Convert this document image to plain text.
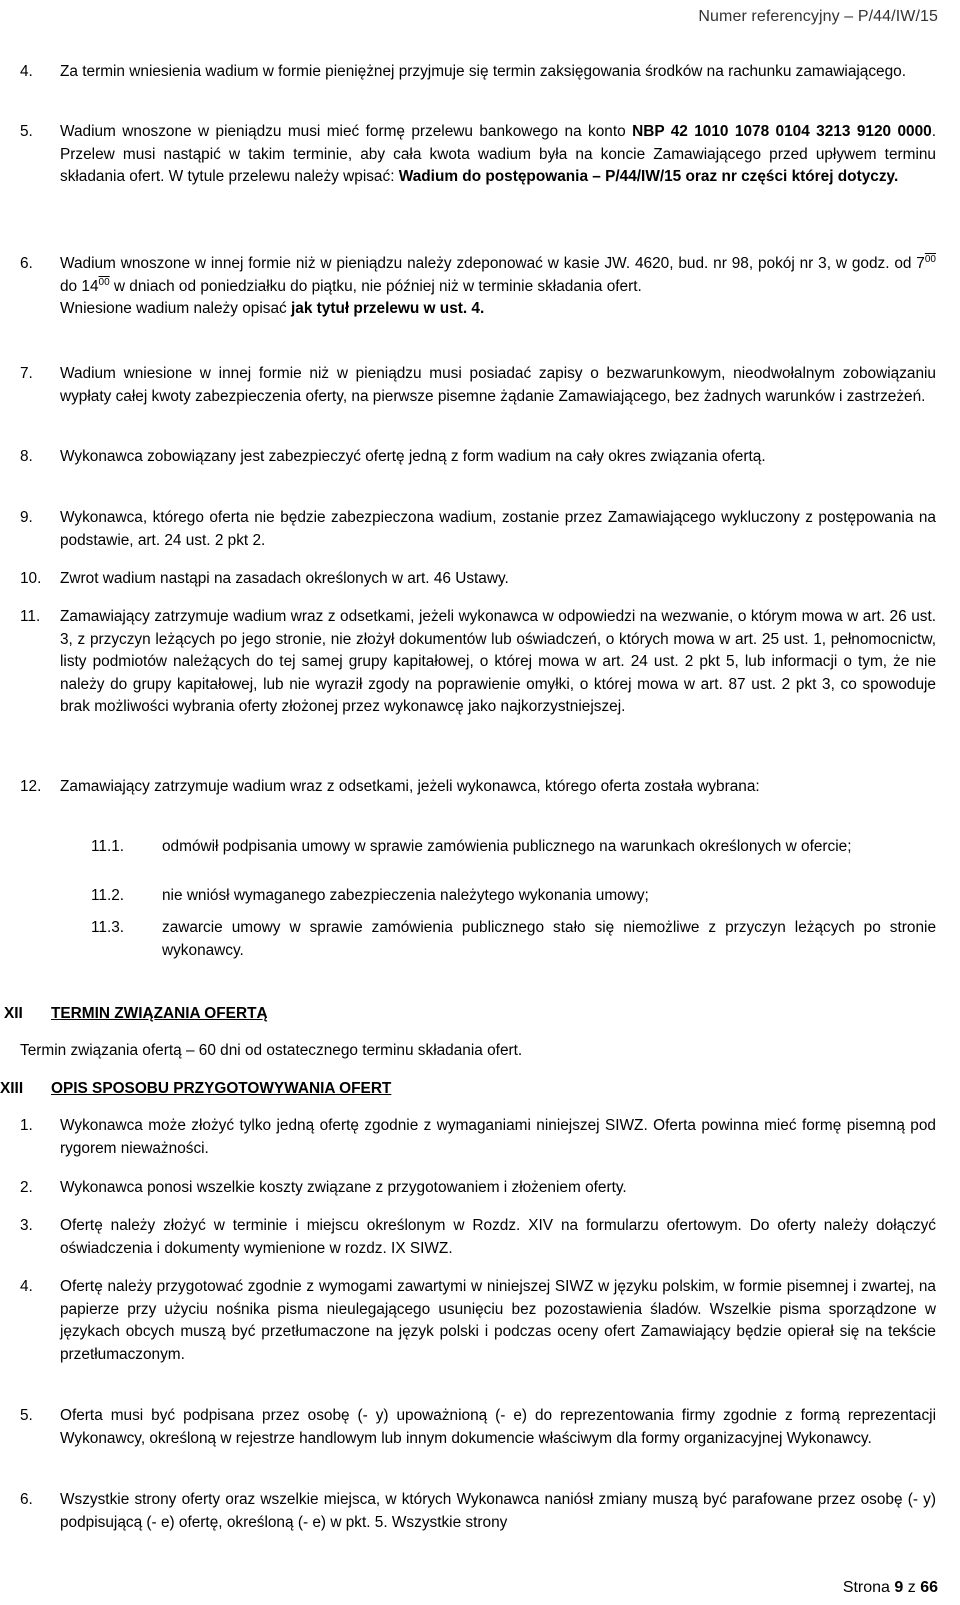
Numer referencyjny – P/44/IW/15
4. Za termin wniesienia wadium w formie pieniężnej przyjmuje się termin zaksięgowania środków na rachunku zamawiającego.
5. Wadium wnoszone w pieniądzu musi mieć formę przelewu bankowego na konto NBP 42 1010 1078 0104 3213 9120 0000. Przelew musi nastąpić w takim terminie, aby cała kwota wadium była na koncie Zamawiającego przed upływem terminu składania ofert. W tytule przelewu należy wpisać: Wadium do postępowania – P/44/IW/15 oraz nr części której dotyczy.
6. Wadium wnoszone w innej formie niż w pieniądzu należy zdeponować w kasie JW. 4620, bud. nr 98, pokój nr 3, w godz. od $7^{00}$ do $14^{00}$ w dniach od poniedziałku do piątku, nie później niż w terminie składania ofert.
Wniesione wadium należy opisać jak tytuł przelewu w ust. 4.
7. Wadium wniesione w innej formie niż w pieniądzu musi posiadać zapisy o bezwarunkowym, nieodwołalnym zobowiązaniu wypłaty całej kwoty zabezpieczenia oferty, na pierwsze pisemne żądanie Zamawiającego, bez żadnych warunków i zastrzeżeń.
8. Wykonawca zobowiązany jest zabezpieczyć ofertę jedną z form wadium na cały okres związania ofertą.
9. Wykonawca, którego oferta nie będzie zabezpieczona wadium, zostanie przez Zamawiającego wykluczony z postępowania na podstawie, art. 24 ust. 2 pkt 2.
10. Zwrot wadium nastąpi na zasadach określonych w art. 46 Ustawy.
11. Zamawiający zatrzymuje wadium wraz z odsetkami, jeżeli wykonawca w odpowiedzi na wezwanie, o którym mowa w art. 26 ust. 3, z przyczyn leżących po jego stronie, nie złożył dokumentów lub oświadczeń, o których mowa w art. 25 ust. 1, pełnomocnictw, listy podmiotów należących do tej samej grupy kapitałowej, o której mowa w art. 24 ust. 2 pkt 5, lub informacji o tym, że nie należy do grupy kapitałowej, lub nie wyraził zgody na poprawienie omyłki, o której mowa w art. 87 ust. 2 pkt 3, co spowoduje brak możliwości wybrania oferty złożonej przez wykonawcę jako najkorzystniejszej.
12. Zamawiający zatrzymuje wadium wraz z odsetkami, jeżeli wykonawca, którego oferta została wybrana:
11.1. odmówił podpisania umowy w sprawie zamówienia publicznego na warunkach określonych w ofercie;
11.2. nie wniósł wymaganego zabezpieczenia należytego wykonania umowy;
11.3. zawarcie umowy w sprawie zamówienia publicznego stało się niemożliwe z przyczyn leżących po stronie wykonawcy.
XII TERMIN ZWIĄZANIA OFERTĄ
Termin związania ofertą – 60 dni od ostatecznego terminu składania ofert.
XIII OPIS SPOSOBU PRZYGOTOWYWANIA OFERT
1. Wykonawca może złożyć tylko jedną ofertę zgodnie z wymaganiami niniejszej SIWZ. Oferta powinna mieć formę pisemną pod rygorem nieważności.
2. Wykonawca ponosi wszelkie koszty związane z przygotowaniem i złożeniem oferty.
3. Ofertę należy złożyć w terminie i miejscu określonym w Rozdz. XIV na formularzu ofertowym. Do oferty należy dołączyć oświadczenia i dokumenty wymienione w rozdz. IX SIWZ.
4. Ofertę należy przygotować zgodnie z wymogami zawartymi w niniejszej SIWZ w języku polskim, w formie pisemnej i zwartej, na papierze przy użyciu nośnika pisma nieulegającego usunięciu bez pozostawienia śladów. Wszelkie pisma sporządzone w językach obcych muszą być przetłumaczone na język polski i podczas oceny ofert Zamawiający będzie opierał się na tekście przetłumaczonym.
5. Oferta musi być podpisana przez osobę (- y) upoważnioną (- e) do reprezentowania firmy zgodnie z formą reprezentacji Wykonawcy, określoną w rejestrze handlowym lub innym dokumencie właściwym dla formy organizacyjnej Wykonawcy.
6. Wszystkie strony oferty oraz wszelkie miejsca, w których Wykonawca naniósł zmiany muszą być parafowane przez osobę (- y) podpisującą (- e) ofertę, określoną (- e) w pkt. 5. Wszystkie strony
Strona 9 z 66
